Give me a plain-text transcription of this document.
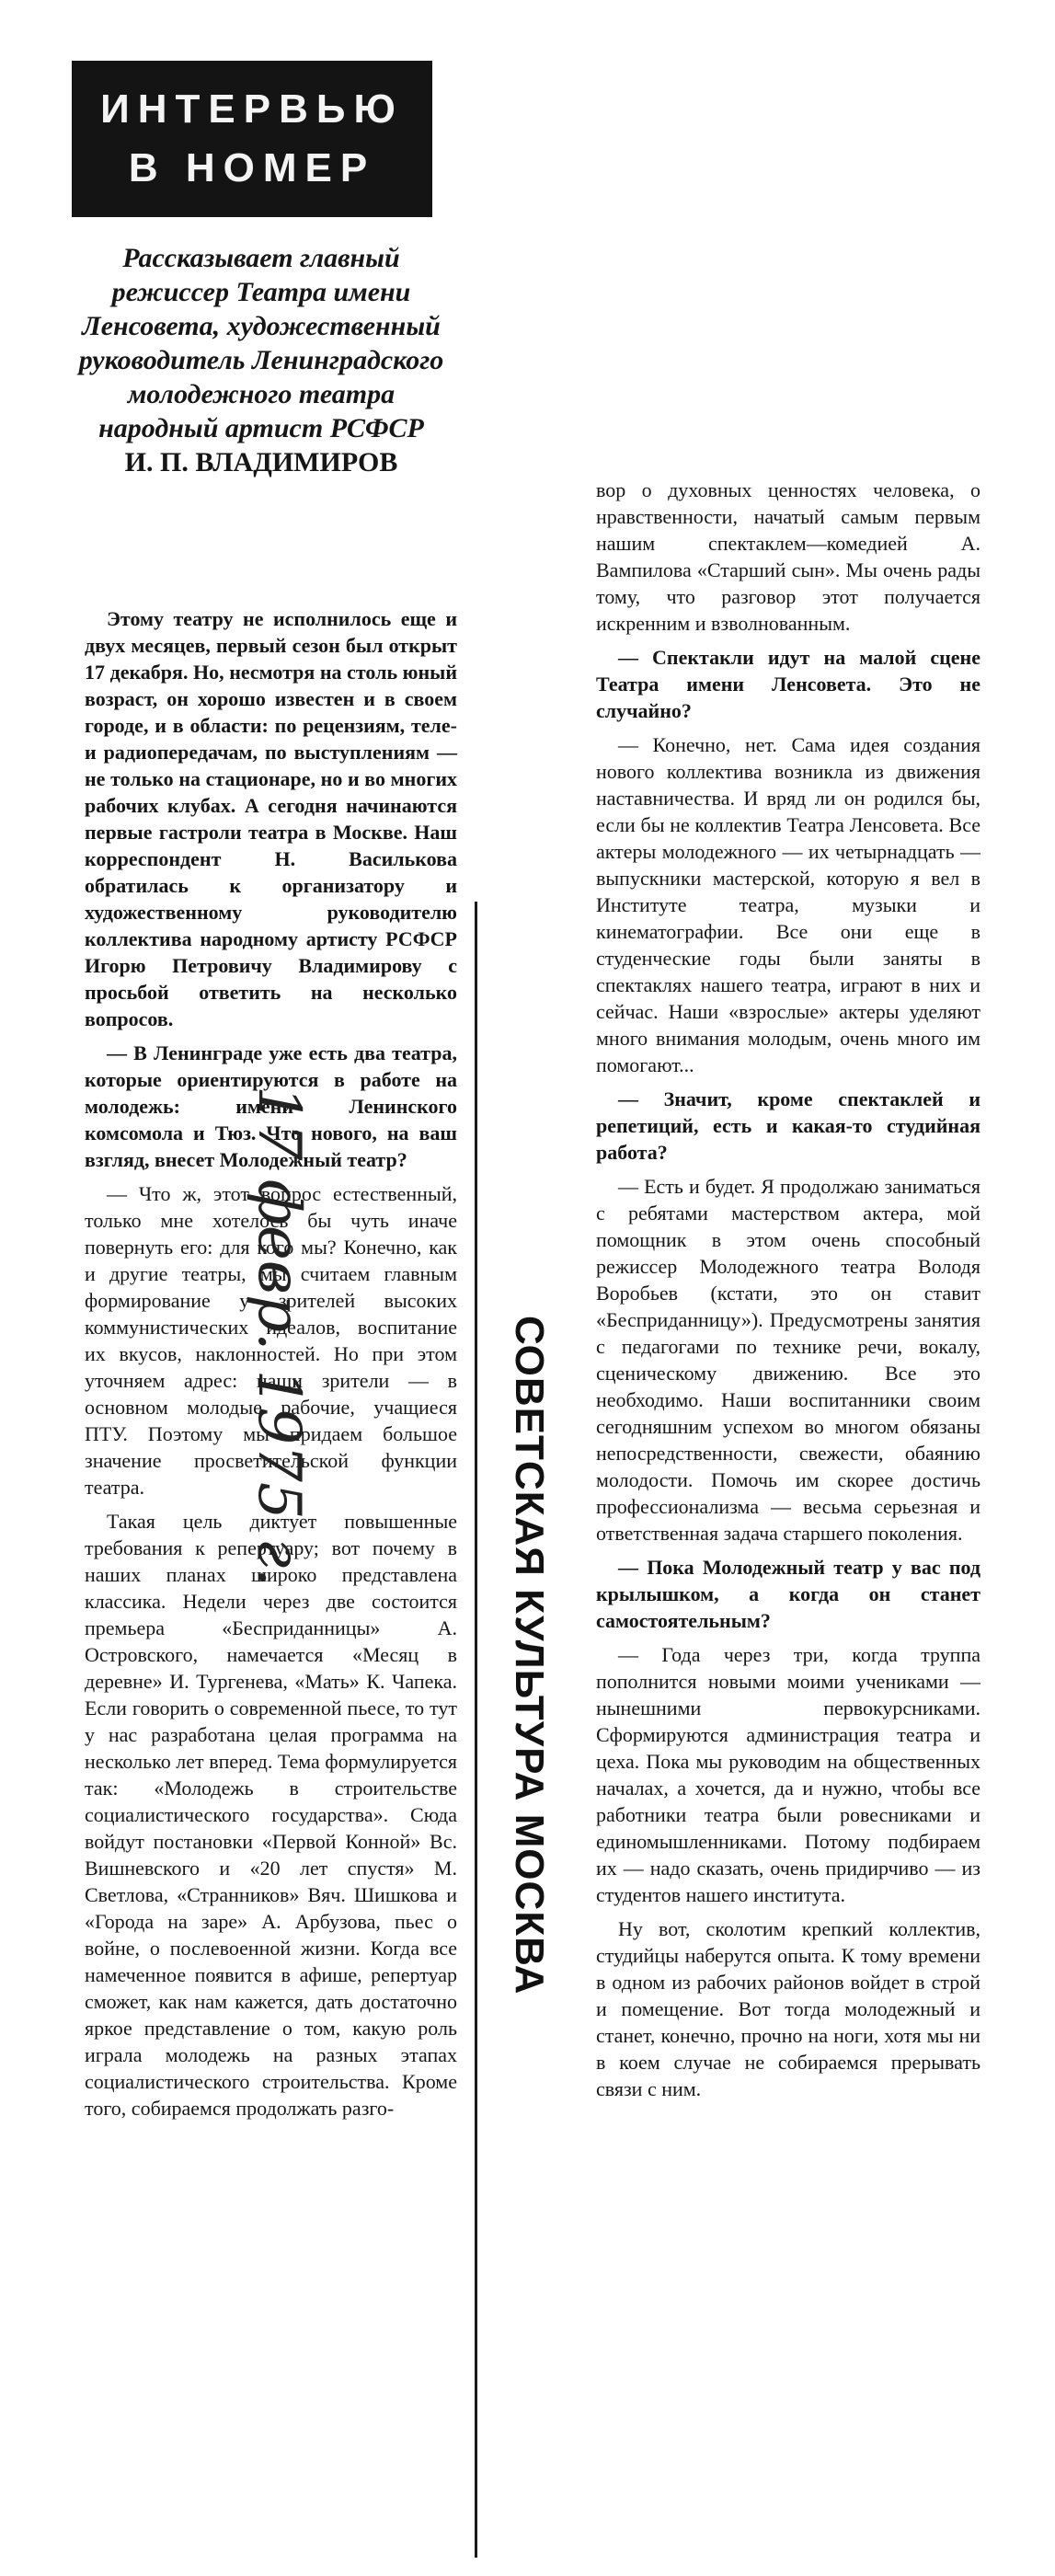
ИНТЕРВЬЮ
В НОМЕР
Рассказывает главный режиссер Театра имени Ленсовета, художественный руководитель Ленинградского молодежного театра народный артист РСФСР
И. П. ВЛАДИМИРОВ

Этому театру не исполнилось еще и двух месяцев, первый сезон был открыт 17 декабря. Но, несмотря на столь юный возраст, он хорошо известен и в своем городе, и в области: по рецензиям, теле- и радиопередачам, по выступлениям — не только на стационаре, но и во многих рабочих клубах. А сегодня начинаются первые гастроли театра в Москве. Наш корреспондент Н. Василькова обратилась к организатору и художественному руководителю коллектива народному артисту РСФСР Игорю Петровичу Владимирову с просьбой ответить на несколько вопросов.

— В Ленинграде уже есть два театра, которые ориентируются в работе на молодежь: имени Ленинского комсомола и Тюз. Что нового, на ваш взгляд, внесет Молодежный театр?

— Что ж, этот вопрос естественный, только мне хотелось бы чуть иначе повернуть его: для кого мы? Конечно, как и другие театры, мы считаем главным формирование у зрителей высоких коммунистических идеалов, воспитание их вкусов, наклонностей. Но при этом уточняем адрес: наши зрители — в основном молодые рабочие, учащиеся ПТУ. Поэтому мы придаем большое значение просветительской функции театра.

Такая цель диктует повышенные требования к репертуару; вот почему в наших планах широко представлена классика. Недели через две состоится премьера «Бесприданницы» А. Островского, намечается «Месяц в деревне» И. Тургенева, «Мать» К. Чапека. Если говорить о современной пьесе, то тут у нас разработана целая программа на несколько лет вперед. Тема формулируется так: «Молодежь в строительстве социалистического государства». Сюда войдут постановки «Первой Конной» Вс. Вишневского и «20 лет спустя» М. Светлова, «Странников» Вяч. Шишкова и «Города на заре» А. Арбузова, пьес о войне, о послевоенной жизни. Когда все намеченное появится в афише, репертуар сможет, как нам кажется, дать достаточно яркое представление о том, какую роль играла молодежь на разных этапах социалистического строительства. Кроме того, собираемся продолжать разго-

вор о духовных ценностях человека, о нравственности, начатый самым первым нашим спектаклем—комедией А. Вампилова «Старший сын». Мы очень рады тому, что разговор этот получается искренним и взволнованным.

— Спектакли идут на малой сцене Театра имени Ленсовета. Это не случайно?

— Конечно, нет. Сама идея создания нового коллектива возникла из движения наставничества. И вряд ли он родился бы, если бы не коллектив Театра Ленсовета. Все актеры молодежного — их четырнадцать — выпускники мастерской, которую я вел в Институте театра, музыки и кинематографии. Все они еще в студенческие годы были заняты в спектаклях нашего театра, играют в них и сейчас. Наши «взрослые» актеры уделяют много внимания молодым, очень много им помогают...

— Значит, кроме спектаклей и репетиций, есть и какая-то студийная работа?

— Есть и будет. Я продолжаю заниматься с ребятами мастерством актера, мой помощник в этом очень способный режиссер Молодежного театра Володя Воробьев (кстати, это он ставит «Бесприданницу»). Предусмотрены занятия с педагогами по технике речи, вокалу, сценическому движению. Все это необходимо. Наши воспитанники своим сегодняшним успехом во многом обязаны непосредственности, свежести, обаянию молодости. Помочь им скорее достичь профессионализма — весьма серьезная и ответственная задача старшего поколения.

— Пока Молодежный театр у вас под крылышком, а когда он станет самостоятельным?

— Года через три, когда труппа пополнится новыми моими учениками — нынешними первокурсниками. Сформируются администрация театра и цеха. Пока мы руководим на общественных началах, а хочется, да и нужно, чтобы все работники театра были ровесниками и единомышленниками. Потому подбираем их — надо сказать, очень придирчиво — из студентов нашего института.

Ну вот, сколотим крепкий коллектив, студийцы наберутся опыта. К тому времени в одном из рабочих районов войдет в строй и помещение. Вот тогда молодежный и станет, конечно, прочно на ноги, хотя мы ни в коем случае не собираемся прерывать связи с ним.

17 февр. 1975 г.	СОВЕТСКАЯ КУЛЬТУРА МОСКВА
